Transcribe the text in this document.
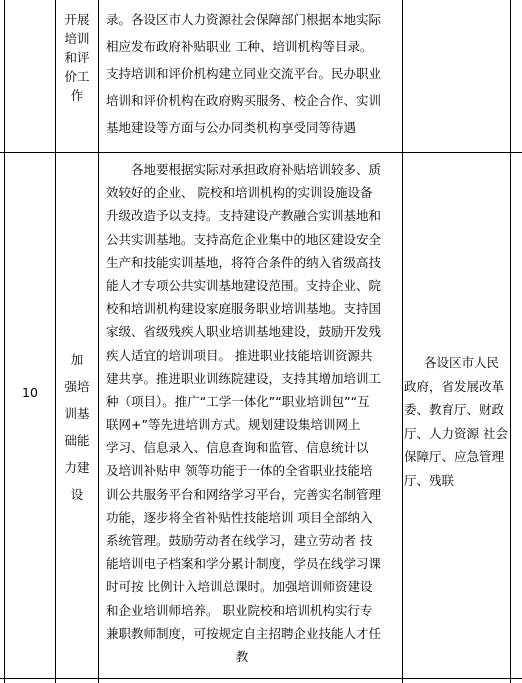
开展
培训
和评
价工
作
录。各设区市人力资源社会保障部门根据本地实际
相应发布政府补贴职业 工种、培训机构等目录。
支持培训和评价机构建立同业交流平台。民办职业
培训和评价机构在政府购买服务、校企合作、实训
基地建设等方面与公办同类机构享受同等待遇
10
加
强培
训基
础能
力建
设
各地要根据实际对承担政府补贴培训较多、质
效较好的企业、 院校和培训机构的实训设施设备
升级改造予以支持。支持建设产教融合实训基地和
公共实训基地。支持高危企业集中的地区建设安全
生产和技能实训基地，将符合条件的纳入省级高技
能人才专项公共实训基地建设范围。支持企业、院
校和培训机构建设家庭服务职业培训基地。支持国
家级、省级残疾人职业培训基地建设，鼓励开发残
疾人适宜的培训项目。 推进职业技能培训资源共
建共享。推进职业训练院建设，支持其增加培训工
种（项目）。推广“工学一体化”“职业培训包”“互
联网+”等先进培训方式。规划建设集培训网上
学习、信息录入、信息查询和监管、信息统计以
及培训补贴申 领等功能于一体的全省职业技能培
训公共服务平台和网络学习平台，完善实名制管理
功能，逐步将全省补贴性技能培训 项目全部纳入
系统管理。鼓励劳动者在线学习，建立劳动者 技
能培训电子档案和学分累计制度，学员在线学习课
时可按 比例计入培训总课时。加强培训师资建设
和企业培训师培养。 职业院校和培训机构实行专
兼职教师制度，可按规定自主招聘企业技能人才任
教
各设区市人民
政府，省发展改革
委、教育厅、财政
厅、人力资源 社会
保障厅、应急管理
厅、残联
